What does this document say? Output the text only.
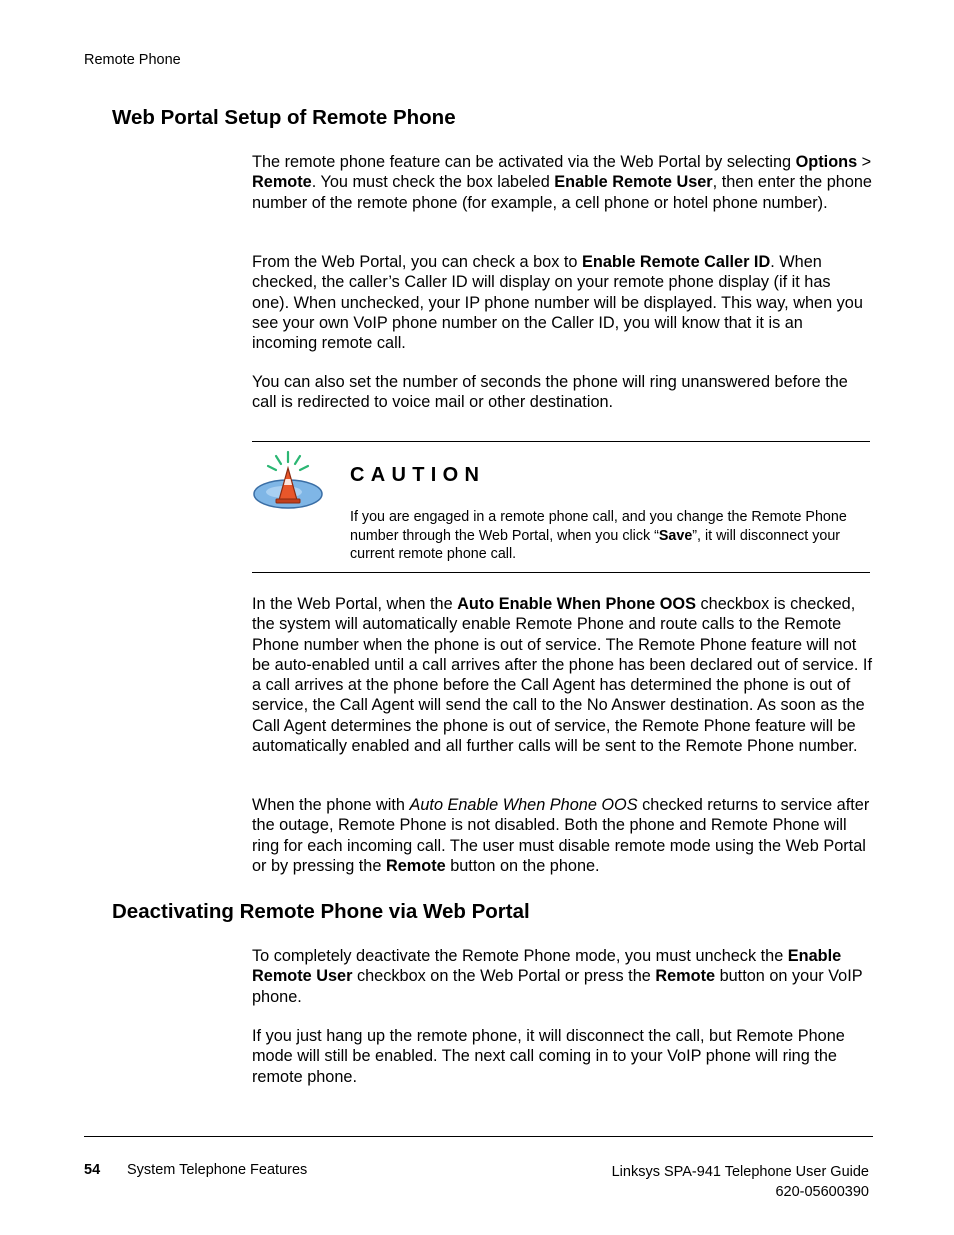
Remote Phone
Web Portal Setup of Remote Phone

The remote phone feature can be activated via the Web Portal by selecting Options > Remote. You must check the box labeled Enable Remote User, then enter the phone number of the remote phone (for example, a cell phone or hotel phone number).

From the Web Portal, you can check a box to Enable Remote Caller ID. When checked, the caller’s Caller ID will display on your remote phone display (if it has one). When unchecked, your IP phone number will be displayed. This way, when you see your own VoIP phone number on the Caller ID, you will know that it is an incoming remote call.

You can also set the number of seconds the phone will ring unanswered before the call is redirected to voice mail or other destination.

CAUTION
If you are engaged in a remote phone call, and you change the Remote Phone number through the Web Portal, when you click “Save”, it will disconnect your current remote phone call.

In the Web Portal, when the Auto Enable When Phone OOS checkbox is checked, the system will automatically enable Remote Phone and route calls to the Remote Phone number when the phone is out of service. The Remote Phone feature will not be auto-enabled until a call arrives after the phone has been declared out of service. If a call arrives at the phone before the Call Agent has determined the phone is out of service, the Call Agent will send the call to the No Answer destination. As soon as the Call Agent determines the phone is out of service, the Remote Phone feature will be automatically enabled and all further calls will be sent to the Remote Phone number.

When the phone with Auto Enable When Phone OOS checked returns to service after the outage, Remote Phone is not disabled. Both the phone and Remote Phone will ring for each incoming call. The user must disable remote mode using the Web Portal or by pressing the Remote button on the phone.

Deactivating Remote Phone via Web Portal

To completely deactivate the Remote Phone mode, you must uncheck the Enable Remote User checkbox on the Web Portal or press the Remote button on your VoIP phone.

If you just hang up the remote phone, it will disconnect the call, but Remote Phone mode will still be enabled. The next call coming in to your VoIP phone will ring the remote phone.

54 System Telephone Features	Linksys SPA-941 Telephone User Guide
620-05600390
